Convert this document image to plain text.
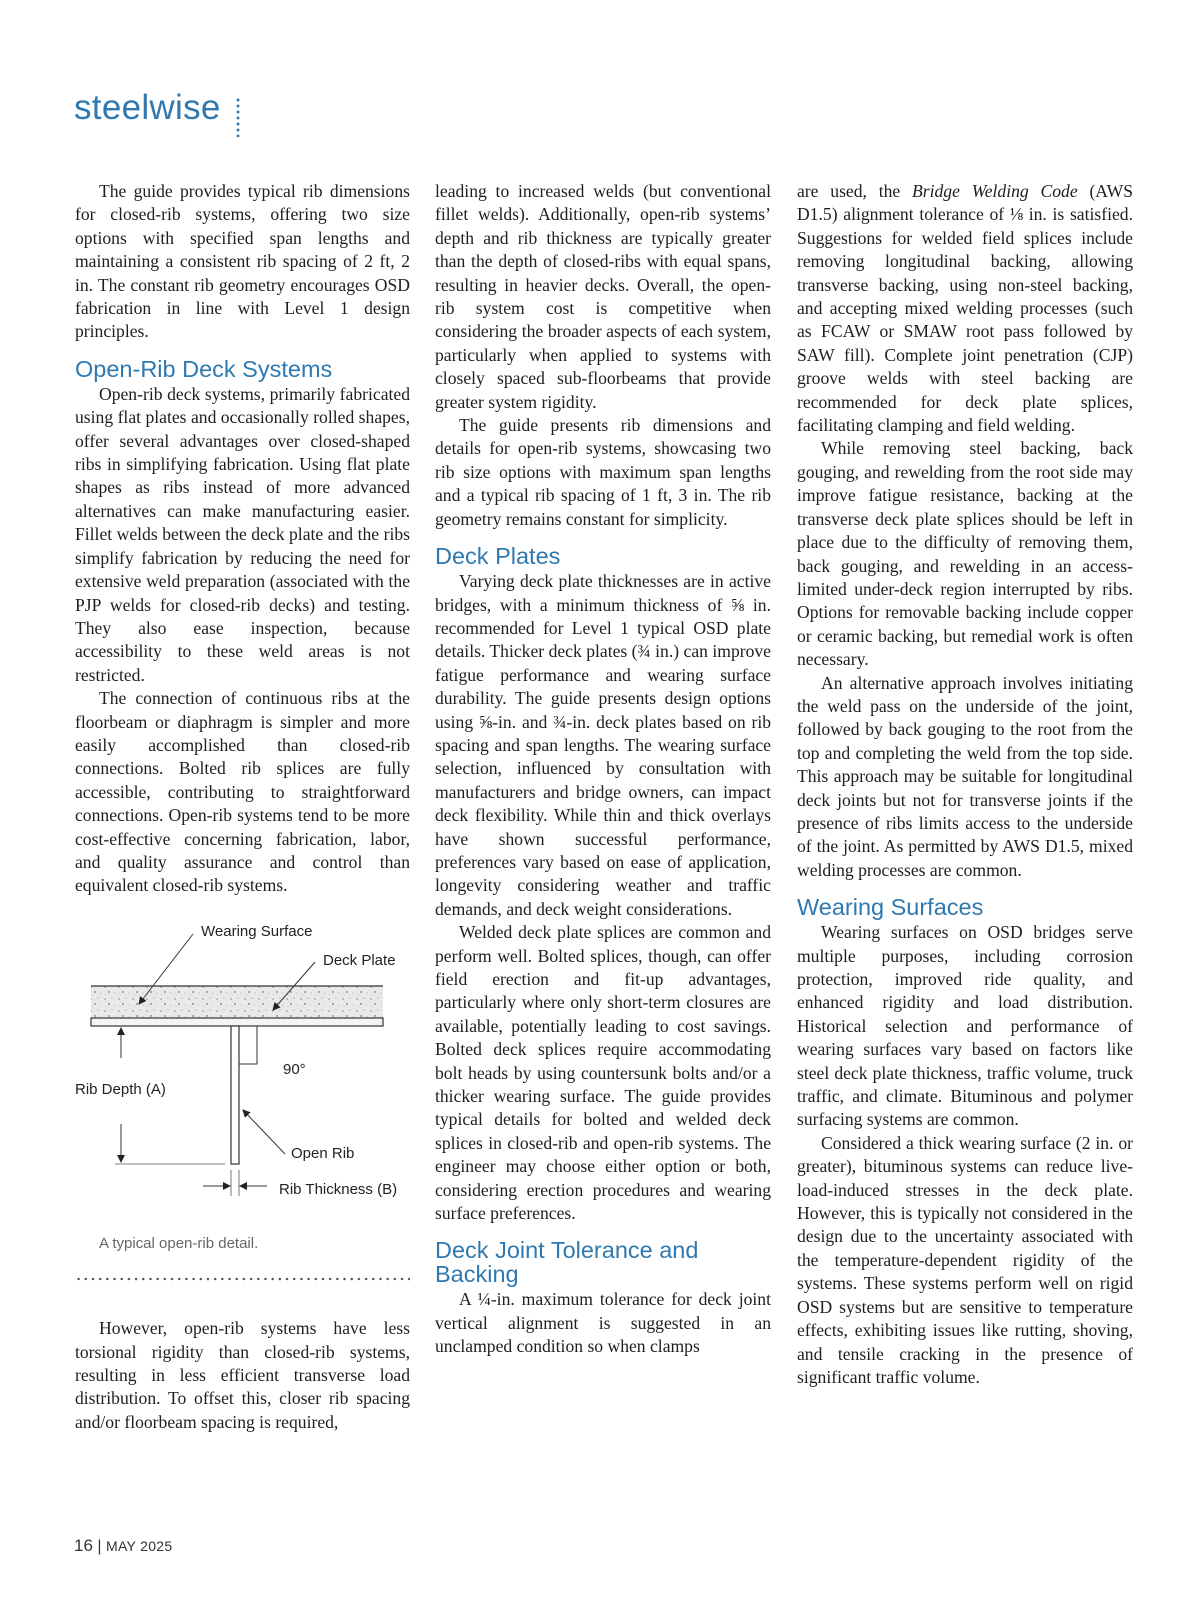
steelwise

The guide provides typical rib dimensions for closed-rib systems, offering two size options with specified span lengths and maintaining a consistent rib spacing of 2 ft, 2 in. The constant rib geometry encourages OSD fabrication in line with Level 1 design principles.

Open-Rib Deck Systems

Open-rib deck systems, primarily fabricated using flat plates and occasionally rolled shapes, offer several advantages over closed-shaped ribs in simplifying fabrication. Using flat plate shapes as ribs instead of more advanced alternatives can make manufacturing easier. Fillet welds between the deck plate and the ribs simplify fabrication by reducing the need for extensive weld preparation (associated with the PJP welds for closed-rib decks) and testing. They also ease inspection, because accessibility to these weld areas is not restricted.

The connection of continuous ribs at the floorbeam or diaphragm is simpler and more easily accomplished than closed-rib connections. Bolted rib splices are fully accessible, contributing to straightforward connections. Open-rib systems tend to be more cost-effective concerning fabrication, labor, and quality assurance and control than equivalent closed-rib systems.

Wearing Surface
Deck Plate
90°
Rib Depth (A)
Open Rib
Rib Thickness (B)

A typical open-rib detail.

However, open-rib systems have less torsional rigidity than closed-rib systems, resulting in less efficient transverse load distribution. To offset this, closer rib spacing and/or floorbeam spacing is required,

leading to increased welds (but conventional fillet welds). Additionally, open-rib systems’ depth and rib thickness are typically greater than the depth of closed-ribs with equal spans, resulting in heavier decks. Overall, the open-rib system cost is competitive when considering the broader aspects of each system, particularly when applied to systems with closely spaced sub-floorbeams that provide greater system rigidity.

The guide presents rib dimensions and details for open-rib systems, showcasing two rib size options with maximum span lengths and a typical rib spacing of 1 ft, 3 in. The rib geometry remains constant for simplicity.

Deck Plates

Varying deck plate thicknesses are in active bridges, with a minimum thickness of ⅝ in. recommended for Level 1 typical OSD plate details. Thicker deck plates (¾ in.) can improve fatigue performance and wearing surface durability. The guide presents design options using ⅝-in. and ¾-in. deck plates based on rib spacing and span lengths. The wearing surface selection, influenced by consultation with manufacturers and bridge owners, can impact deck flexibility. While thin and thick overlays have shown successful performance, preferences vary based on ease of application, longevity considering weather and traffic demands, and deck weight considerations.

Welded deck plate splices are common and perform well. Bolted splices, though, can offer field erection and fit-up advantages, particularly where only short-term closures are available, potentially leading to cost savings. Bolted deck splices require accommodating bolt heads by using countersunk bolts and/or a thicker wearing surface. The guide provides typical details for bolted and welded deck splices in closed-rib and open-rib systems. The engineer may choose either option or both, considering erection procedures and wearing surface preferences.

Deck Joint Tolerance and Backing

A ¼-in. maximum tolerance for deck joint vertical alignment is suggested in an unclamped condition so when clamps

are used, the Bridge Welding Code (AWS D1.5) alignment tolerance of ⅛ in. is satisfied. Suggestions for welded field splices include removing longitudinal backing, allowing transverse backing, using non-steel backing, and accepting mixed welding processes (such as FCAW or SMAW root pass followed by SAW fill). Complete joint penetration (CJP) groove welds with steel backing are recommended for deck plate splices, facilitating clamping and field welding.

While removing steel backing, back gouging, and rewelding from the root side may improve fatigue resistance, backing at the transverse deck plate splices should be left in place due to the difficulty of removing them, back gouging, and rewelding in an access-limited under-deck region interrupted by ribs. Options for removable backing include copper or ceramic backing, but remedial work is often necessary.

An alternative approach involves initiating the weld pass on the underside of the joint, followed by back gouging to the root from the top and completing the weld from the top side. This approach may be suitable for longitudinal deck joints but not for transverse joints if the presence of ribs limits access to the underside of the joint. As permitted by AWS D1.5, mixed welding processes are common.

Wearing Surfaces

Wearing surfaces on OSD bridges serve multiple purposes, including corrosion protection, improved ride quality, and enhanced rigidity and load distribution. Historical selection and performance of wearing surfaces vary based on factors like steel deck plate thickness, traffic volume, truck traffic, and climate. Bituminous and polymer surfacing systems are common.

Considered a thick wearing surface (2 in. or greater), bituminous systems can reduce live-load-induced stresses in the deck plate. However, this is typically not considered in the design due to the uncertainty associated with the temperature-dependent rigidity of the systems. These systems perform well on rigid OSD systems but are sensitive to temperature effects, exhibiting issues like rutting, shoving, and tensile cracking in the presence of significant traffic volume.

16 | MAY 2025
